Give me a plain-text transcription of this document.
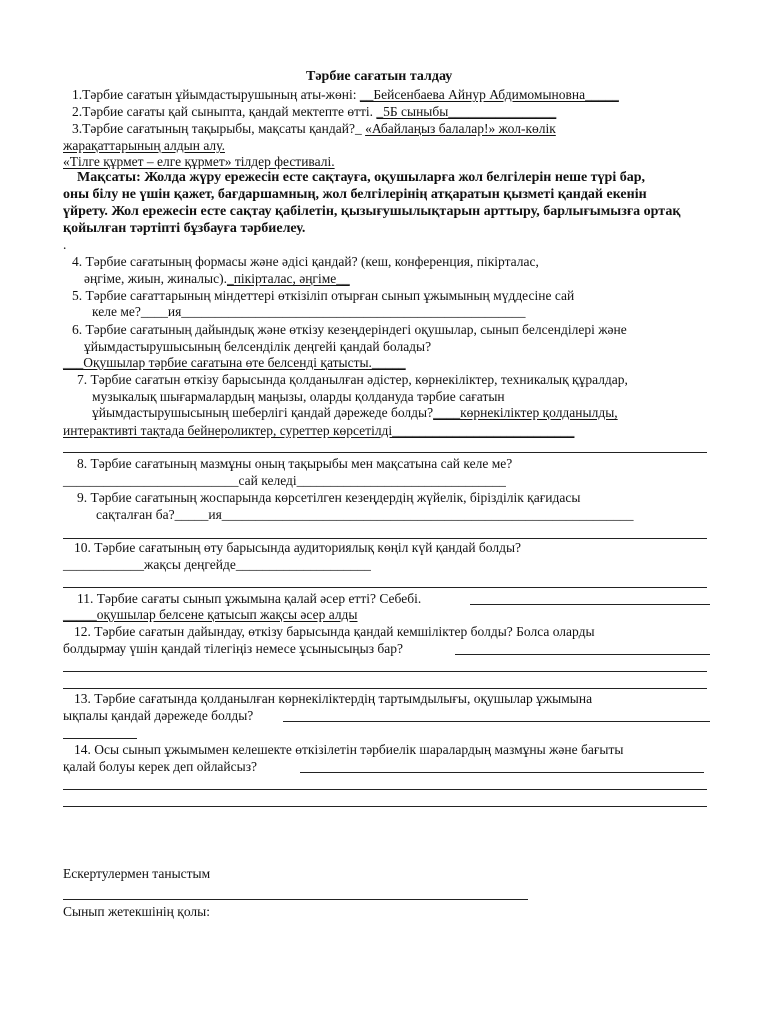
Тәрбие сағатын талдау
1.Тәрбие сағатын ұйымдастырушының аты-жөні: __Бейсенбаева Айнур Абдимомыновна_____
2.Тәрбие сағаты қай сыныпта, қандай мектепте өтті. _5Б сыныбы________________
3.Тәрбие сағатының тақырыбы, мақсаты қандай?_ «Абайлаңыз балалар!» жол-көлік
жарақаттарының алдын алу.
«Тілге құрмет – елге құрмет» тілдер фестивалі.
Мақсаты: Жолда жүру ережесін есте сақтауға, оқушыларға жол белгілерін неше түрі бар,
оны білу не үшін қажет, бағдаршамның, жол белгілерінің атқаратын қызметі қандай екенін
үйрету. Жол ережесін есте сақтау қабілетін, қызығушылықтарын арттыру, барлығымызға ортақ
қойылған тәртіпті бұзбауға тәрбиелеу.
.
4. Тәрбие сағатының формасы және әдісі қандай? (кеш, конференция, пікірталас,
әңгіме, жиын, жиналыс)._пікірталас, әңгіме__
5. Тәрбие сағаттарының міндеттері өткізіліп отырған сынып ұжымының мүддесіне сай
келе ме?____ия___________________________________________________
6. Тәрбие сағатының дайындық және өткізу кезеңдеріндегі оқушылар, сынып белсенділері және
ұйымдастырушысының белсенділік деңгейі қандай болады?
___Оқушылар тәрбие сағатына өте белсенді қатысты._____
7. Тәрбие сағатын өткізу барысында қолданылған әдістер, көрнекіліктер, техникалық құралдар,
музыкалық шығармалардың маңызы, оларды қолдануда тәрбие сағатын
ұйымдастырушысының шеберлігі қандай дәрежеде болды?____көрнекіліктер қолданылды,
интерактивті тақтада бейнероликтер, суреттер көрсетілді___________________________
8. Тәрбие сағатының мазмұны оның тақырыбы мен мақсатына сай келе ме?
__________________________сай келеді_______________________________
9. Тәрбие сағатының жоспарында көрсетілген кезеңдердің жүйелік, бірізділік қағидасы
сақталған ба?_____ия_____________________________________________________________
10. Тәрбие сағатының өту барысында аудиториялық көңіл күй қандай болды?
____________жақсы деңгейде____________________
11. Тәрбие сағаты сынып ұжымына қалай әсер етті? Себебі.
_____оқушылар белсене қатысып жақсы әсер алды
12. Тәрбие сағатын дайындау, өткізу барысында қандай кемшіліктер болды? Болса оларды
болдырмау үшін қандай тілегіңіз немесе ұсынысыңыз бар?
13. Тәрбие сағатында қолданылған көрнекіліктердің тартымдылығы, оқушылар ұжымына
ықпалы қандай дәрежеде болды?
14. Осы сынып ұжымымен келешекте өткізілетін тәрбиелік шаралардың мазмұны және бағыты
қалай болуы керек деп ойлайсыз?
Ескертулермен таныстым
Сынып жетекшінің қолы:
